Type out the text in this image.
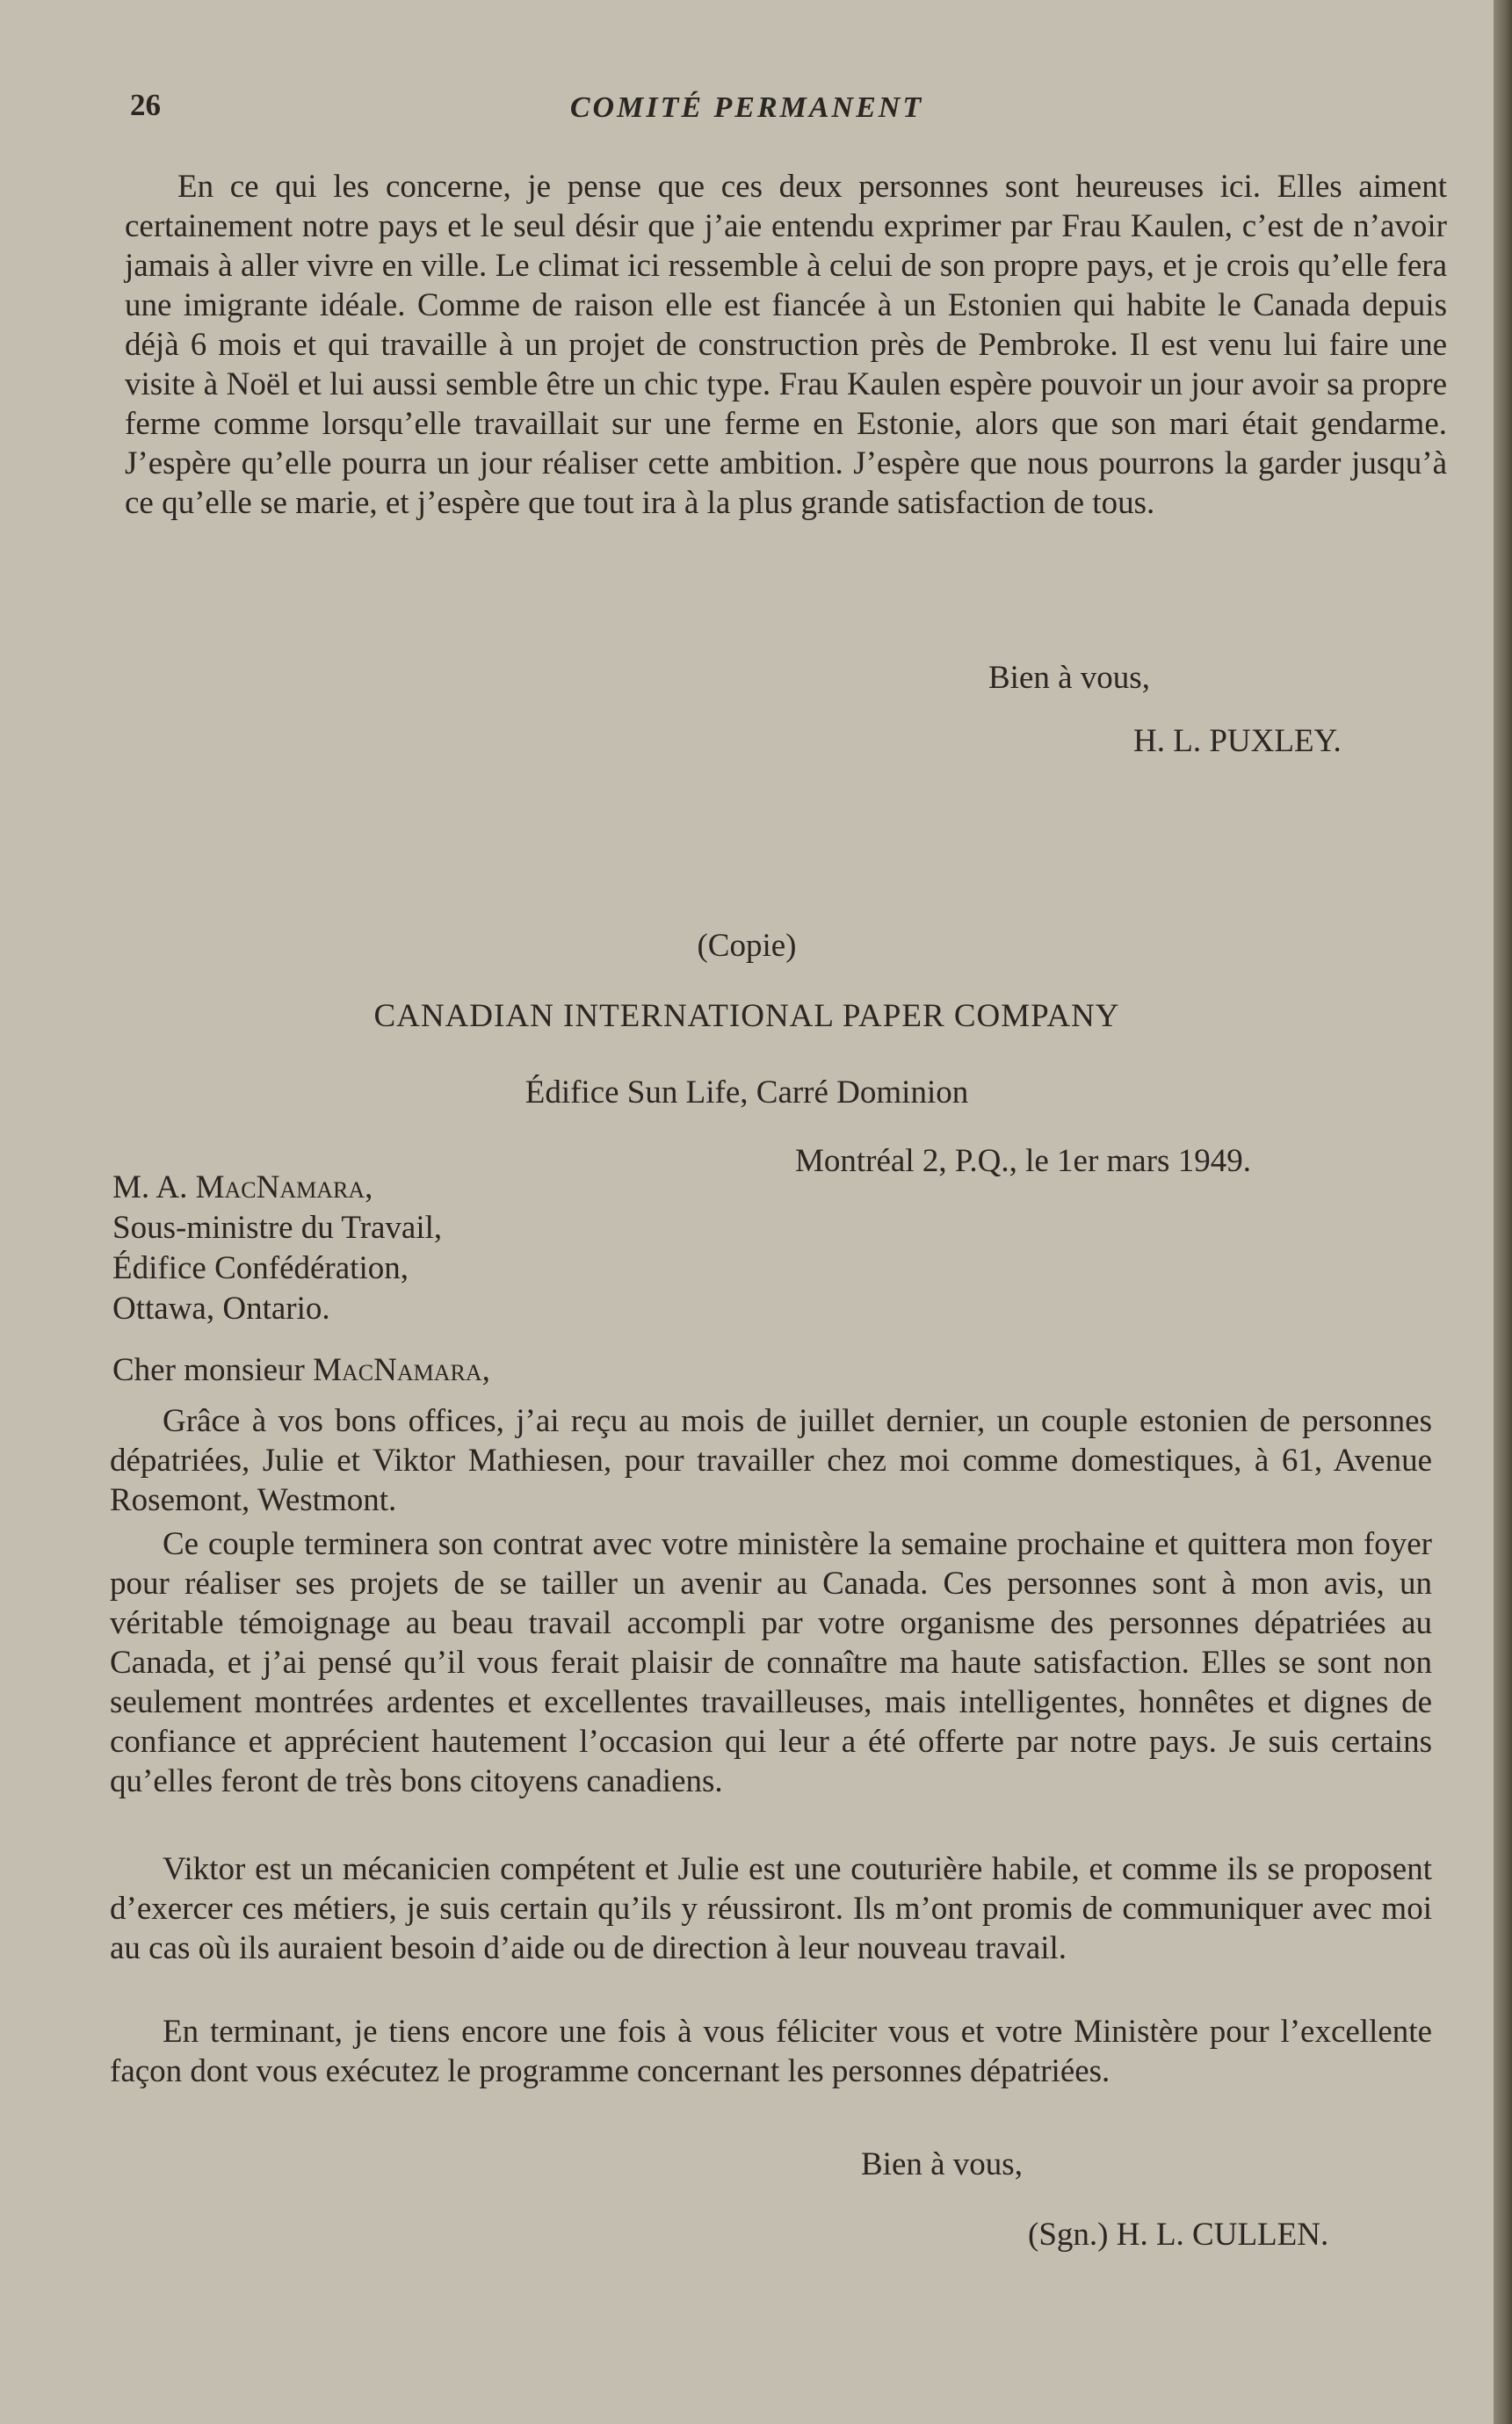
26	COMITÉ PERMANENT

En ce qui les concerne, je pense que ces deux personnes sont heureuses ici. Elles aiment certainement notre pays et le seul désir que j’aie entendu exprimer par Frau Kaulen, c’est de n’avoir jamais à aller vivre en ville. Le climat ici ressemble à celui de son propre pays, et je crois qu’elle fera une imigrante idéale. Comme de raison elle est fiancée à un Estonien qui habite le Canada depuis déjà 6 mois et qui travaille à un projet de construction près de Pembroke. Il est venu lui faire une visite à Noël et lui aussi semble être un chic type. Frau Kaulen espère pouvoir un jour avoir sa propre ferme comme lorsqu’elle travaillait sur une ferme en Estonie, alors que son mari était gendarme. J’espère qu’elle pourra un jour réaliser cette ambition. J’espère que nous pourrons la garder jusqu’à ce qu’elle se marie, et j’espère que tout ira à la plus grande satisfaction de tous.

Bien à vous,
H. L. PUXLEY.
(Copie)
CANADIAN INTERNATIONAL PAPER COMPANY
Édifice Sun Life, Carré Dominion
Montréal 2, P.Q., le 1er mars 1949.
M. A. MacNamara,
Sous-ministre du Travail,
Édifice Confédération,
Ottawa, Ontario.
Cher monsieur MacNamara,

Grâce à vos bons offices, j’ai reçu au mois de juillet dernier, un couple estonien de personnes dépatriées, Julie et Viktor Mathiesen, pour travailler chez moi comme domestiques, à 61, Avenue Rosemont, Westmont.

Ce couple terminera son contrat avec votre ministère la semaine prochaine et quittera mon foyer pour réaliser ses projets de se tailler un avenir au Canada. Ces personnes sont à mon avis, un véritable témoignage au beau travail accompli par votre organisme des personnes dépatriées au Canada, et j’ai pensé qu’il vous ferait plaisir de connaître ma haute satisfaction. Elles se sont non seulement montrées ardentes et excellentes travailleuses, mais intelligentes, honnêtes et dignes de confiance et apprécient hautement l’occasion qui leur a été offerte par notre pays. Je suis certains qu’elles feront de très bons citoyens canadiens.

Viktor est un mécanicien compétent et Julie est une couturière habile, et comme ils se proposent d’exercer ces métiers, je suis certain qu’ils y réussiront. Ils m’ont promis de communiquer avec moi au cas où ils auraient besoin d’aide ou de direction à leur nouveau travail.

En terminant, je tiens encore une fois à vous féliciter vous et votre Ministère pour l’excellente façon dont vous exécutez le programme concernant les personnes dépatriées.

Bien à vous,
(Sgn.) H. L. CULLEN.
